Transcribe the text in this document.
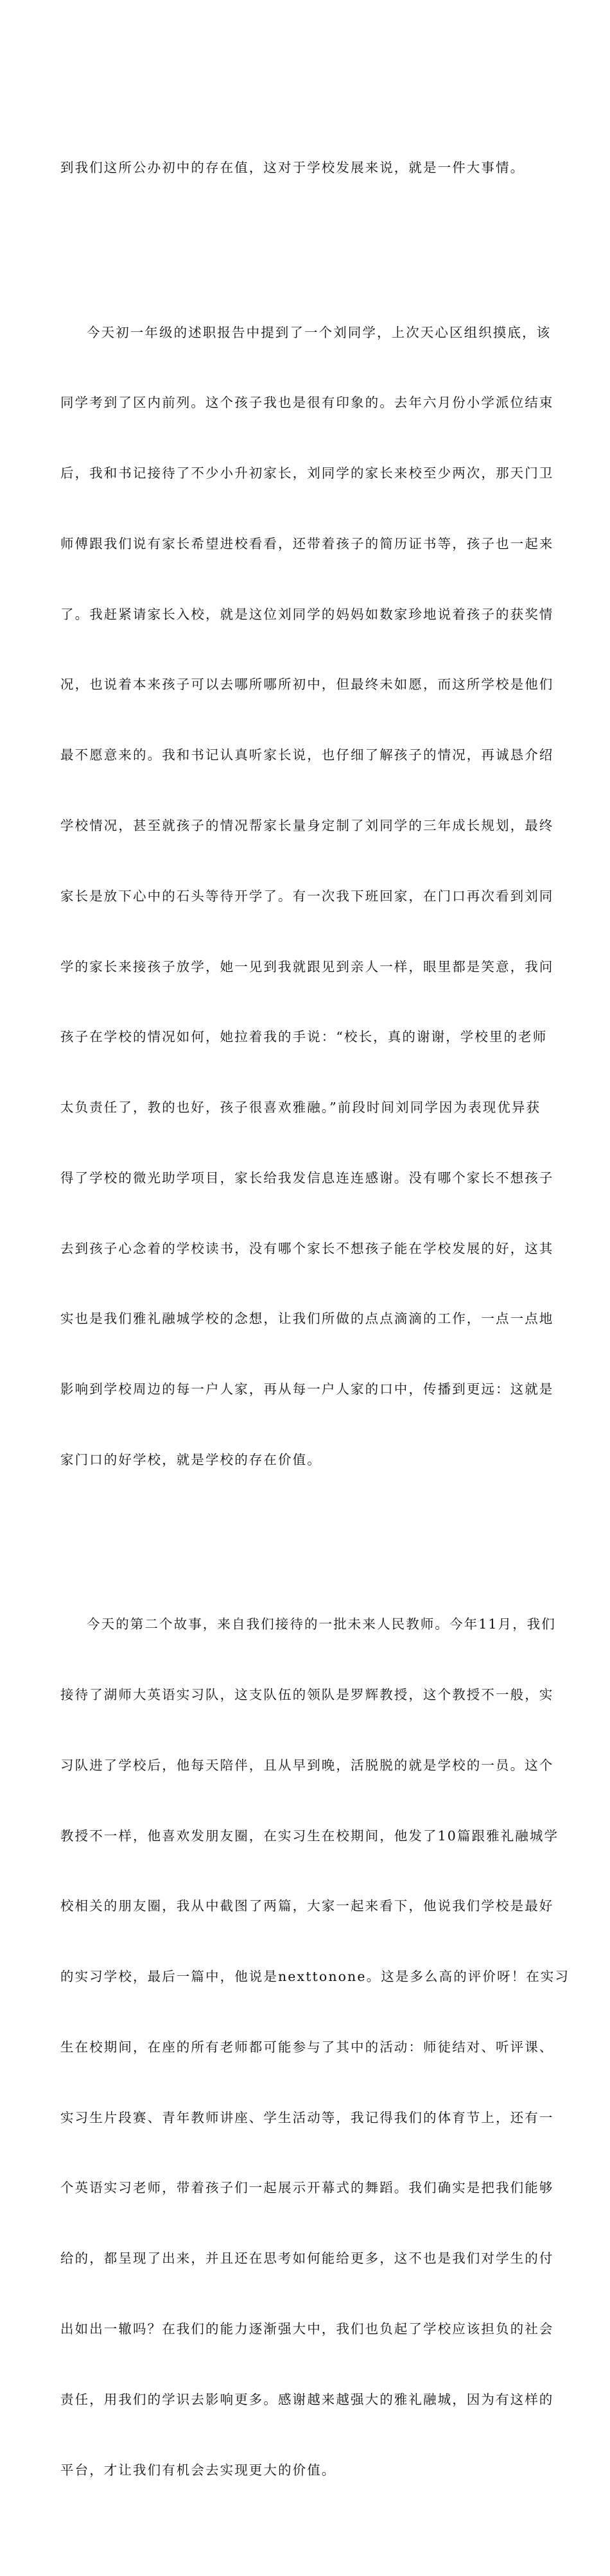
到我们这所公办初中的存在值，这对于学校发展来说，就是一件大事情。

今天初一年级的述职报告中提到了一个刘同学，上次天心区组织摸底，该

同学考到了区内前列。这个孩子我也是很有印象的。去年六月份小学派位结束

后，我和书记接待了不少小升初家长，刘同学的家长来校至少两次，那天门卫

师傅跟我们说有家长希望进校看看，还带着孩子的简历证书等，孩子也一起来

了。我赶紧请家长入校，就是这位刘同学的妈妈如数家珍地说着孩子的获奖情

况，也说着本来孩子可以去哪所哪所初中，但最终未如愿，而这所学校是他们

最不愿意来的。我和书记认真听家长说，也仔细了解孩子的情况，再诚恳介绍

学校情况，甚至就孩子的情况帮家长量身定制了刘同学的三年成长规划，最终

家长是放下心中的石头等待开学了。有一次我下班回家，在门口再次看到刘同

学的家长来接孩子放学，她一见到我就跟见到亲人一样，眼里都是笑意，我问

孩子在学校的情况如何，她拉着我的手说：“校长，真的谢谢，学校里的老师

太负责任了，教的也好，孩子很喜欢雅融。”前段时间刘同学因为表现优异获

得了学校的微光助学项目，家长给我发信息连连感谢。没有哪个家长不想孩子

去到孩子心念着的学校读书，没有哪个家长不想孩子能在学校发展的好，这其

实也是我们雅礼融城学校的念想，让我们所做的点点滴滴的工作，一点一点地

影响到学校周边的每一户人家，再从每一户人家的口中，传播到更远：这就是

家门口的好学校，就是学校的存在价值。

今天的第二个故事，来自我们接待的一批未来人民教师。今年11月，我们

接待了湖师大英语实习队，这支队伍的领队是罗辉教授，这个教授不一般，实

习队进了学校后，他每天陪伴，且从早到晚，活脱脱的就是学校的一员。这个

教授不一样，他喜欢发朋友圈，在实习生在校期间，他发了10篇跟雅礼融城学

校相关的朋友圈，我从中截图了两篇，大家一起来看下，他说我们学校是最好

的实习学校，最后一篇中，他说是nexttonone。这是多么高的评价呀！在实习

生在校期间，在座的所有老师都可能参与了其中的活动：师徒结对、听评课、

实习生片段赛、青年教师讲座、学生活动等，我记得我们的体育节上，还有一

个英语实习老师，带着孩子们一起展示开幕式的舞蹈。我们确实是把我们能够

给的，都呈现了出来，并且还在思考如何能给更多，这不也是我们对学生的付

出如出一辙吗？在我们的能力逐渐强大中，我们也负起了学校应该担负的社会

责任，用我们的学识去影响更多。感谢越来越强大的雅礼融城，因为有这样的

平台，才让我们有机会去实现更大的价值。
